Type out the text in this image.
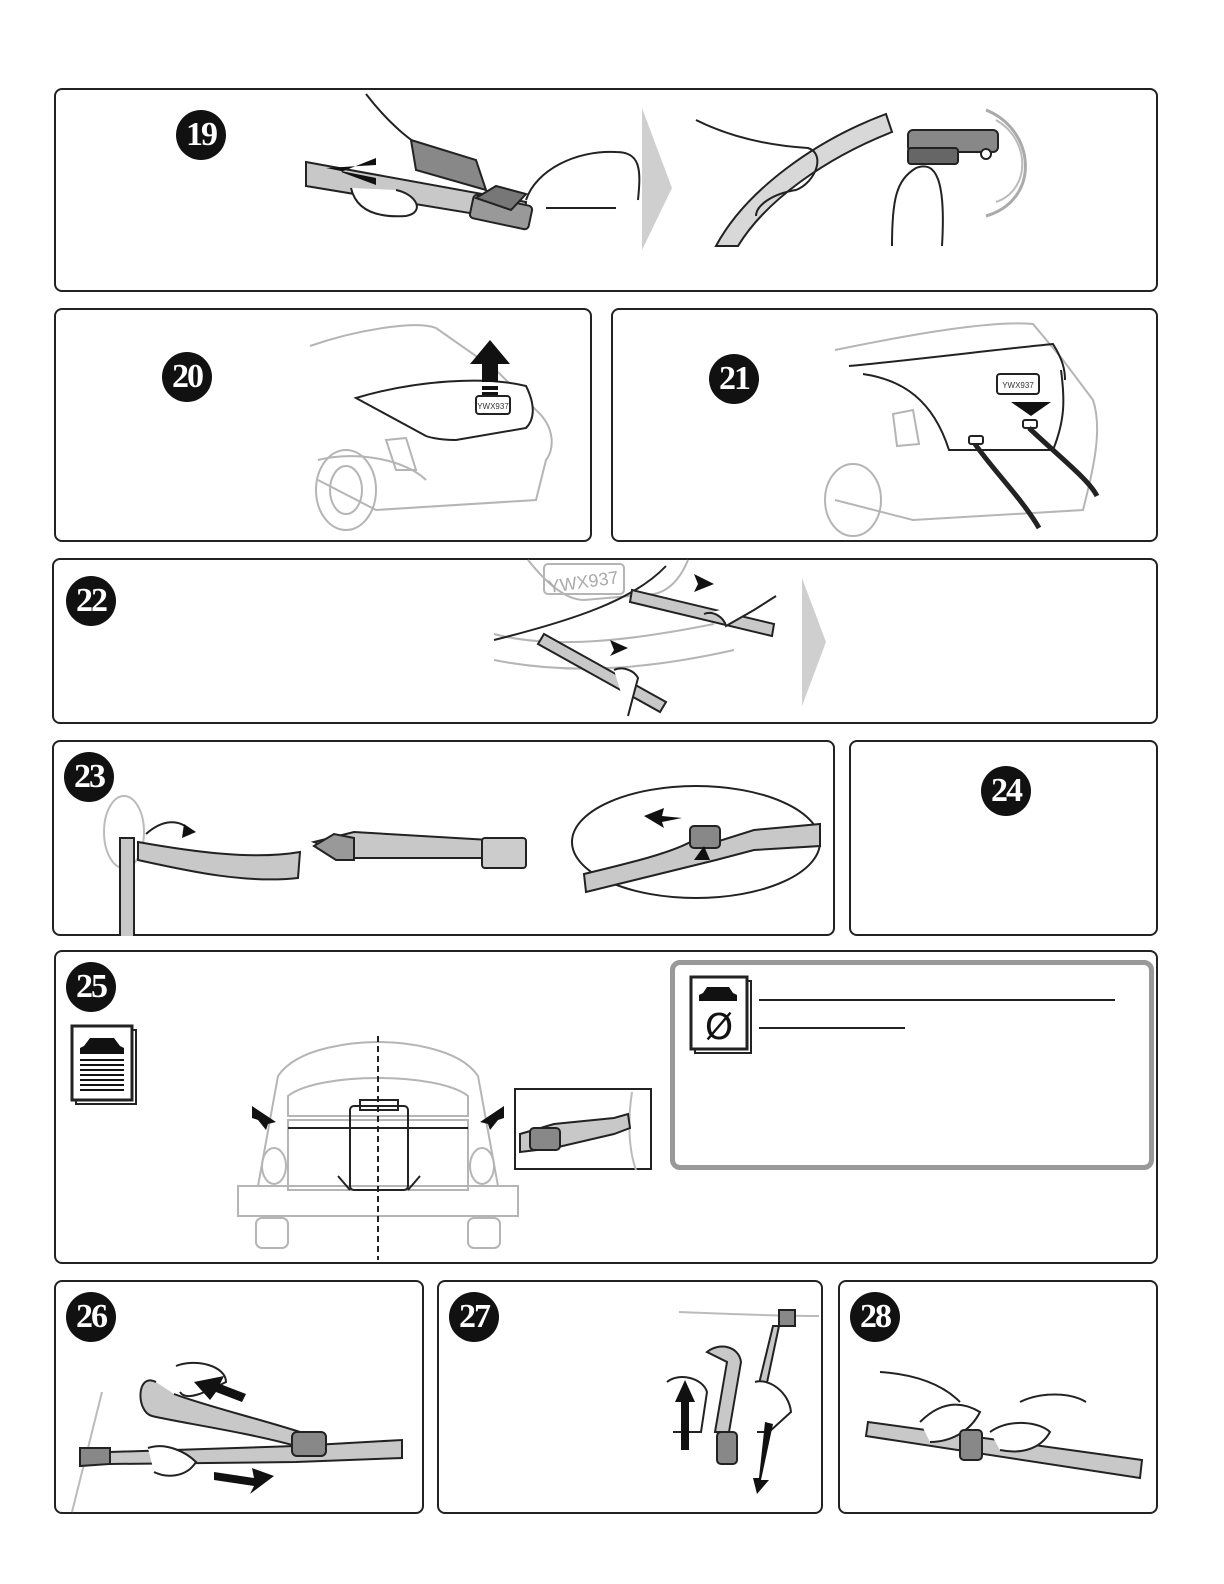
19
20
YWX937
21	YWX937
22	YWX937
23	24
25
Ø
26	27	28
